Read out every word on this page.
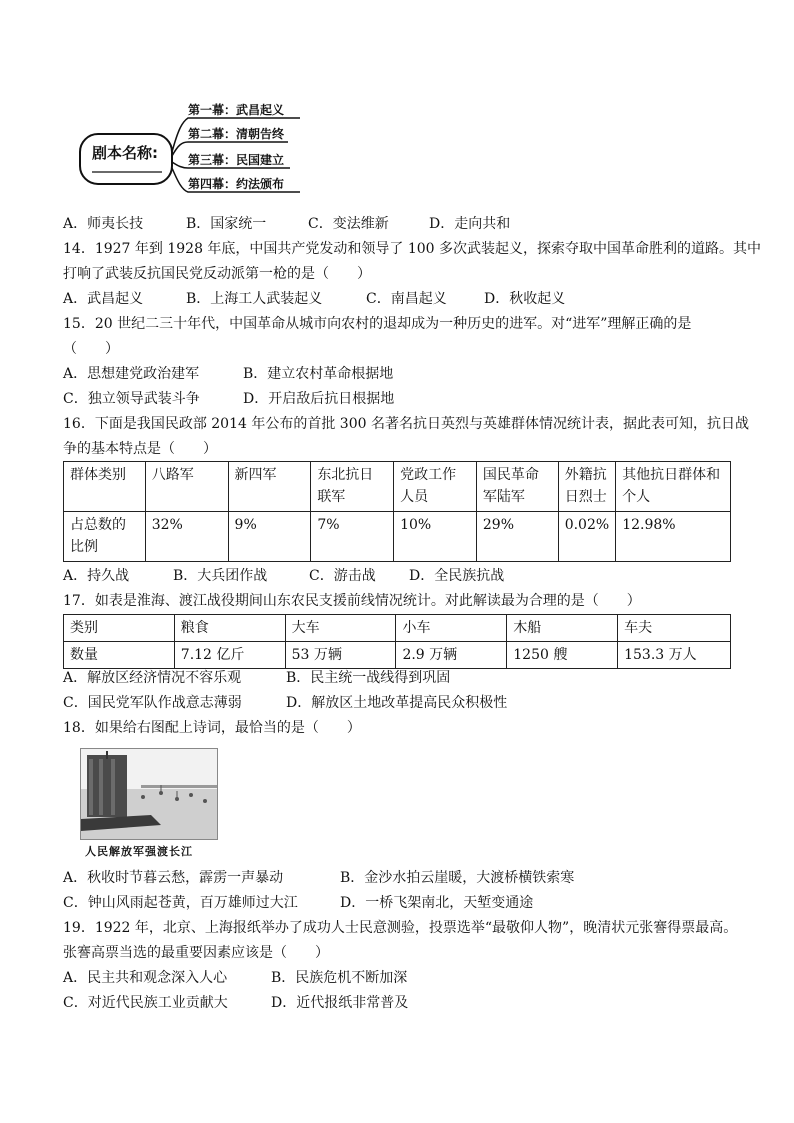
剧本名称:
第一幕：武昌起义
第二幕：清朝告终
第三幕：民国建立
第四幕：约法颁布
A．师夷长技	B．国家统一	C．变法维新	D．走向共和
14．1927 年到 1928 年底，中国共产党发动和领导了 100 多次武装起义，探索夺取中国革命胜利的道路。其中
打响了武装反抗国民党反动派第一枪的是（　　）
A．武昌起义	B．上海工人武装起义	C．南昌起义	D．秋收起义
15．20 世纪二三十年代，中国革命从城市向农村的退却成为一种历史的进军。对“进军”理解正确的是
（　　）
A．思想建党政治建军	B．建立农村革命根据地
C．独立领导武装斗争	D．开启敌后抗日根据地
16．下面是我国民政部 2014 年公布的首批 300 名著名抗日英烈与英雄群体情况统计表，据此表可知，抗日战
争的基本特点是（　　）
群体类别	八路军	新四军	东北抗日联军	党政工作人员	国民革命军陆军	外籍抗日烈士	其他抗日群体和个人
占总数的比例	32%	9%	7%	10%	29%	0.02%	12.98%
A．持久战	B．大兵团作战	C．游击战 D．全民族抗战
17．如表是淮海、渡江战役期间山东农民支援前线情况统计。对此解读最为合理的是（　　）
类别	粮食	大车	小车	木船	车夫
数量	7.12 亿斤	53 万辆	2.9 万辆	1250 艘	153.3 万人
A．解放区经济情况不容乐观	B．民主统一战线得到巩固
C．国民党军队作战意志薄弱	D．解放区土地改革提高民众积极性
18．如果给右图配上诗词，最恰当的是（　　）
人民解放军强渡长江
A．秋收时节暮云愁，霹雳一声暴动	B．金沙水拍云崖暖，大渡桥横铁索寒
C．钟山风雨起苍黄，百万雄师过大江	D．一桥飞架南北，天堑变通途
19．1922 年，北京、上海报纸举办了成功人士民意测验，投票选举“最敬仰人物”，晚清状元张謇得票最高。
张謇高票当选的最重要因素应该是（　　）
A．民主共和观念深入人心	B．民族危机不断加深
C．对近代民族工业贡献大	D．近代报纸非常普及
